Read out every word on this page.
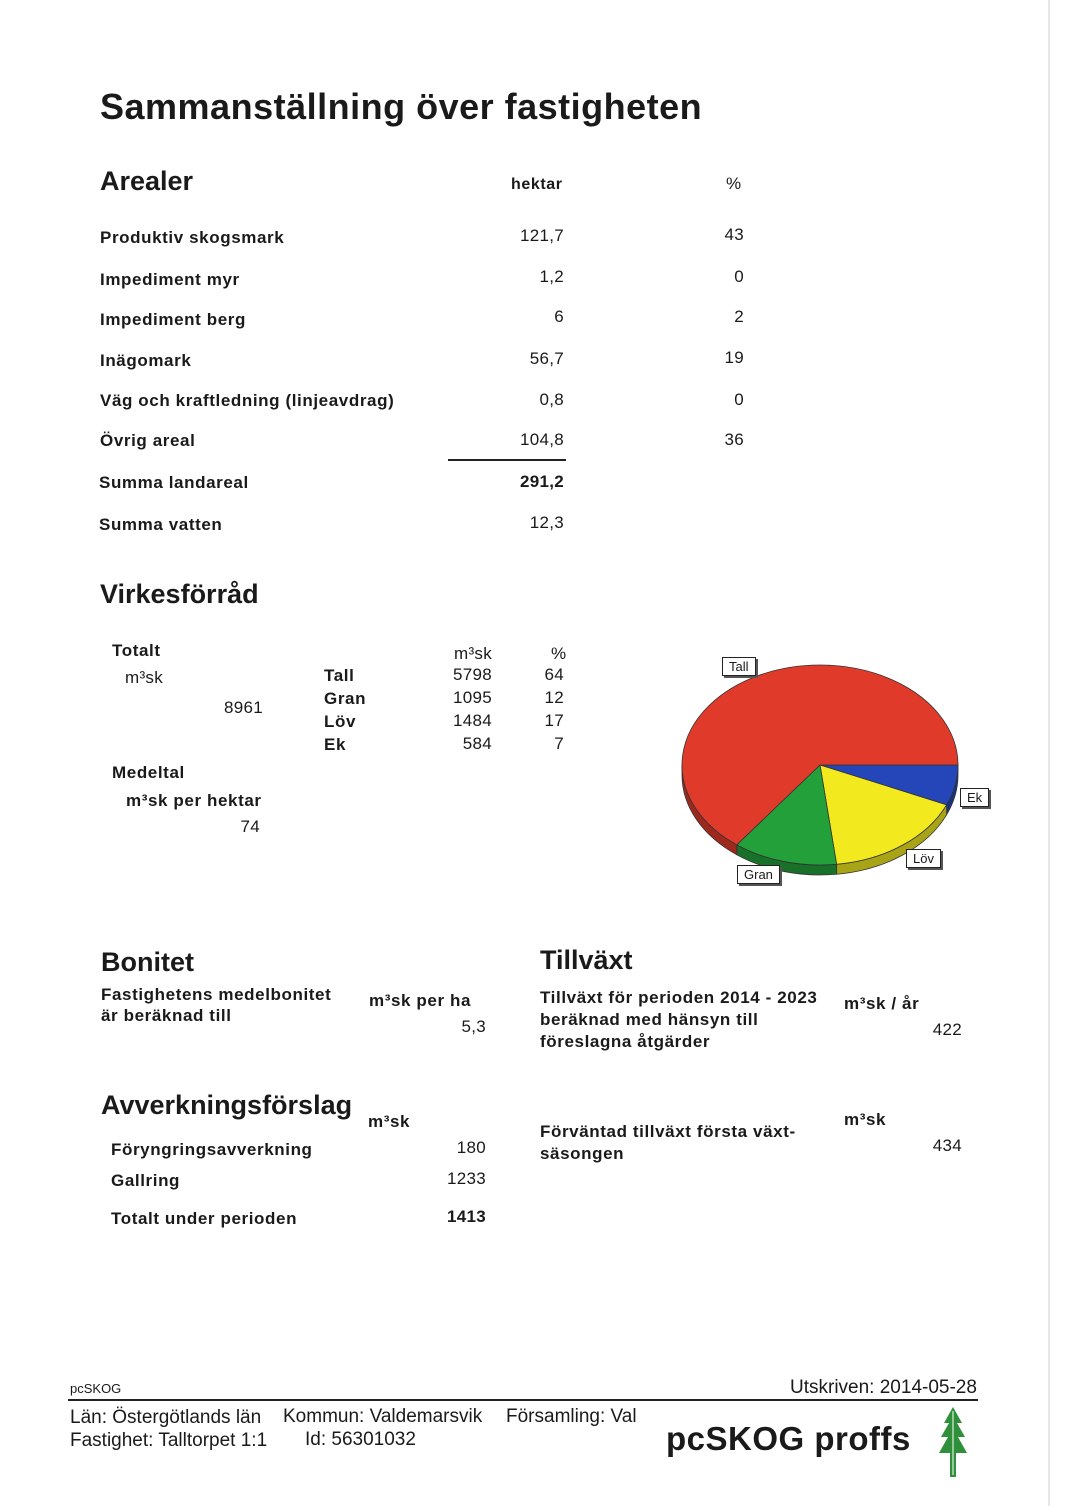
Sammanställning över fastigheten
Arealer	hektar	%
Produktiv skogsmark	121,7	43
Impediment myr	1,2	0
Impediment berg	6	2
Inägomark	56,7	19
Väg och kraftledning (linjeavdrag)	0,8	0
Övrig areal	104,8	36
Summa landareal	291,2
Summa vatten	12,3
Virkesförråd
Totalt
m³sk
8961
m³sk	%
Tall	5798	64
Gran	1095	12
Löv	1484	17
Ek	584	7
Medeltal
m³sk per hektar
74
Tall
Gran
Löv
Ek
Bonitet
Fastighetens medelbonitet
är beräknad till
m³sk per ha
5,3
Tillväxt
Tillväxt för perioden 2014 - 2023
beräknad med hänsyn till
föreslagna åtgärder
m³sk / år
422
Avverkningsförslag
m³sk
Föryngringsavverkning	180
Gallring	1233
Totalt under perioden	1413
Förväntad tillväxt första växt-
säsongen
m³sk
434
pcSKOG	Utskriven: 2014-05-28
Län: Östergötlands län Kommun: Valdemarsvik Församling: Val
Fastighet: Talltorpet 1:1 Id: 56301032	pcSKOG proffs
